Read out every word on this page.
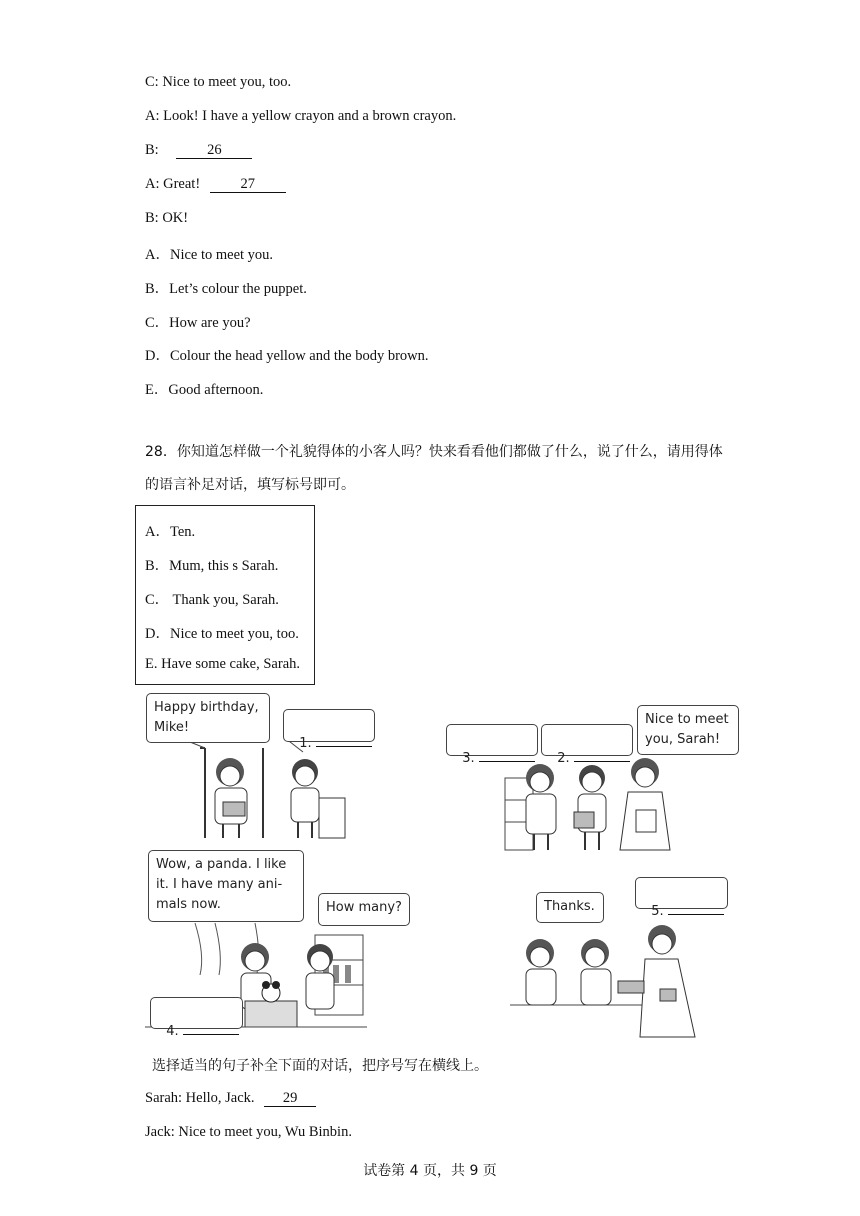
C: Nice to meet you, too.
A: Look! I have a yellow crayon and a brown crayon.
B:	26
A: Great!	27
B: OK!
A．Nice to meet you.
B．Let’s colour the puppet.
C．How are you?
D．Colour the head yellow and the body brown.
E．Good afternoon.
28．你知道怎样做一个礼貌得体的小客人吗？快来看看他们都做了什么，说了什么，请用得体的语言补足对话，填写标号即可。
A．Ten.
B．Mum, this s Sarah.
C． Thank you, Sarah.
D．Nice to meet you, too.
E. Have some cake, Sarah.
Happy birthday,
Mike!

1.

3.	2.

Nice to meet
you, Sarah!
Wow, a panda. I like
it. I have many ani-
mals now.	How many?

4.

Thanks.	5.

选择适当的句子补全下面的对话，把序号写在横线上。
Sarah: Hello, Jack. 29
Jack: Nice to meet you, Wu Binbin.
试卷第 4 页，共 9 页
